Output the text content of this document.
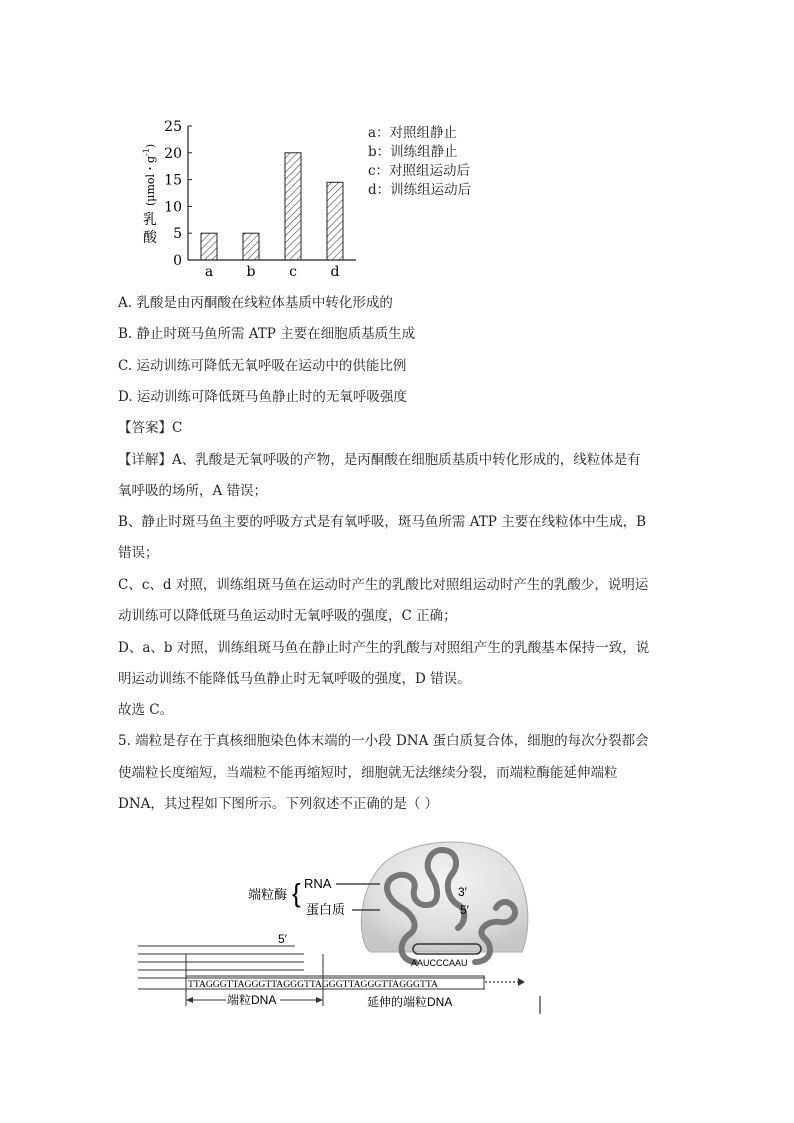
0
5
10
15
20
25
a b c d
乳
酸
(μmol・$g^{-1}$)
a：对照组静止
b：训练组静止
c：对照组运动后
d：训练组运动后
A. 乳酸是由丙酮酸在线粒体基质中转化形成的
B. 静止时斑马鱼所需 ATP 主要在细胞质基质生成
C. 运动训练可降低无氧呼吸在运动中的供能比例
D. 运动训练可降低斑马鱼静止时的无氧呼吸强度
【答案】C
【详解】A、乳酸是无氧呼吸的产物，是丙酮酸在细胞质基质中转化形成的，线粒体是有
氧呼吸的场所，A 错误；
B、静止时斑马鱼主要的呼吸方式是有氧呼吸，斑马鱼所需 ATP 主要在线粒体中生成，B
错误；
C、c、d 对照，训练组斑马鱼在运动时产生的乳酸比对照组运动时产生的乳酸少，说明运
动训练可以降低斑马鱼运动时无氧呼吸的强度，C 正确；
D、a、b 对照，训练组斑马鱼在静止时产生的乳酸与对照组产生的乳酸基本保持一致，说
明运动训练不能降低马鱼静止时无氧呼吸的强度，D 错误。
故选 C。
5. 端粒是存在于真核细胞染色体末端的一小段 DNA 蛋白质复合体，细胞的每次分裂都会
使端粒长度缩短，当端粒不能再缩短时，细胞就无法继续分裂，而端粒酶能延伸端粒
DNA，其过程如下图所示。下列叙述不正确的是（ ）
端粒酶 { RNA
蛋白质
3′
5′
AAUCCCAAU
5′
TTAGGGTTAGGGTTAGGGTTAGGGTTAGGGTTAGGGTTA
端粒DNA	延伸的端粒DNA
